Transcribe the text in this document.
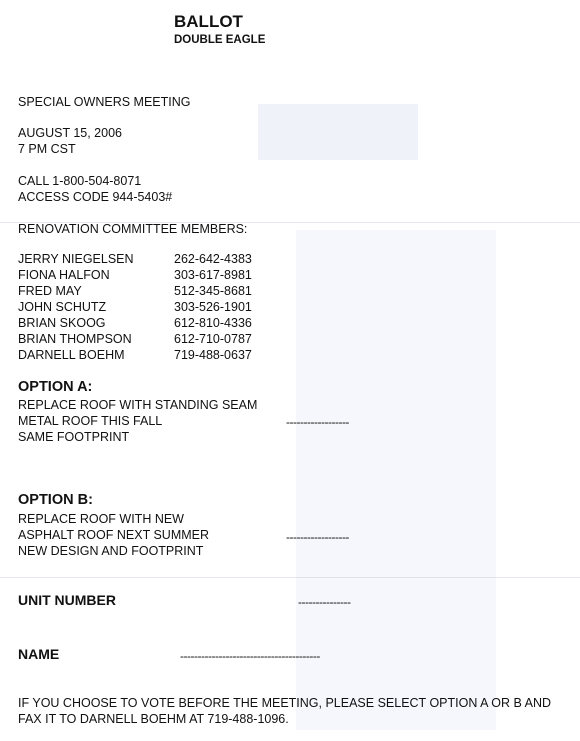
BALLOT
DOUBLE EAGLE
SPECIAL OWNERS MEETING
AUGUST 15, 2006
7 PM CST
CALL 1-800-504-8071
ACCESS CODE 944-5403#
RENOVATION COMMITTEE MEMBERS:
JERRY NIEGELSEN	262-642-4383
FIONA HALFON	303-617-8981
FRED MAY	512-345-8681
JOHN SCHUTZ	303-526-1901
BRIAN SKOOG	612-810-4336
BRIAN THOMPSON	612-710-0787
DARNELL BOEHM	719-488-0637
OPTION A:
REPLACE ROOF WITH STANDING SEAM
METAL ROOF THIS FALL
SAME FOOTPRINT
------------------
OPTION B:
REPLACE ROOF WITH NEW
ASPHALT ROOF NEXT SUMMER
NEW DESIGN AND FOOTPRINT
------------------
UNIT NUMBER	---------------
NAME	----------------------------------------
IF YOU CHOOSE TO VOTE BEFORE THE MEETING, PLEASE SELECT OPTION A OR B AND
FAX IT TO DARNELL BOEHM AT 719-488-1096.
